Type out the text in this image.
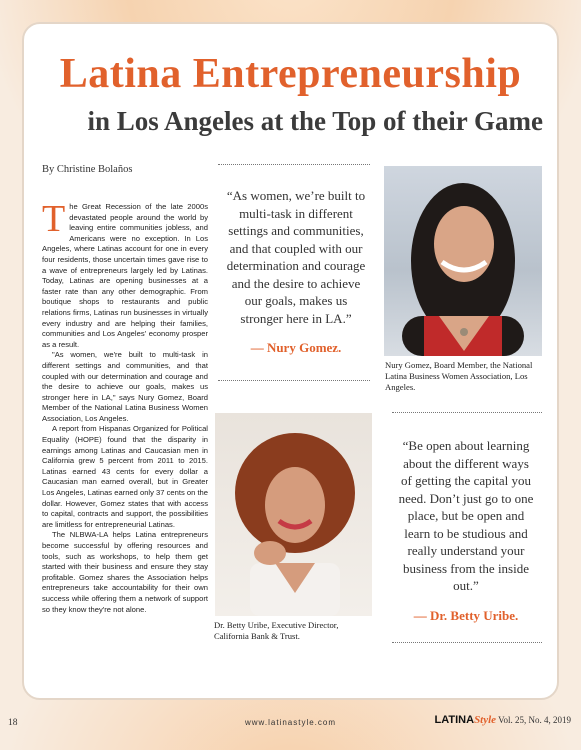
Latina Entrepreneurship
in Los Angeles at the Top of their Game
By Christine Bolaños

The Great Recession of the late 2000s devastated people around the world by leaving entire communities jobless, and Americans were no exception. In Los Angeles, where Latinas account for one in every four residents, those uncertain times gave rise to a wave of entrepreneurs largely led by Latinas. Today, Latinas are opening businesses at a faster rate than any other demographic. From boutique shops to restaurants and public relations firms, Latinas run businesses in virtually every industry and are helping their families, communities and Los Angeles' economy prosper as a result.

"As women, we're built to multi-task in different settings and communities, and that coupled with our determination and courage and the desire to achieve our goals, makes us stronger here in LA," says Nury Gomez, Board Member of the National Latina Business Women Association, Los Angeles.

A report from Hispanas Organized for Political Equality (HOPE) found that the disparity in earnings among Latinas and Caucasian men in California grew 5 percent from 2011 to 2015. Latinas earned 43 cents for every dollar a Caucasian man earned overall, but in Greater Los Angeles, Latinas earned only 37 cents on the dollar. However, Gomez states that with access to capital, contracts and support, the possibilities are limitless for entrepreneurial Latinas.

The NLBWA-LA helps Latina entrepreneurs become successful by offering resources and tools, such as workshops, to help them get started with their business and ensure they stay profitable. Gomez shares the Association helps entrepreneurs take accountability for their own success while offering them a network of support so they know they're not alone.

“As women, we’re built to multi-task in different settings and communities, and that coupled with our determination and courage and the desire to achieve our goals, makes us stronger here in LA.”
— Nury Gomez.
Nury Gomez, Board Member, the National Latina Business Women Association, Los Angeles.
Dr. Betty Uribe, Executive Director, California Bank & Trust.
“Be open about learning about the different ways of getting the capital you need. Don’t just go to one place, but be open and learn to be studious and really understand your business from the inside out.”
— Dr. Betty Uribe.
18	www.latinastyle.com	LATINAStyle Vol. 25, No. 4, 2019
